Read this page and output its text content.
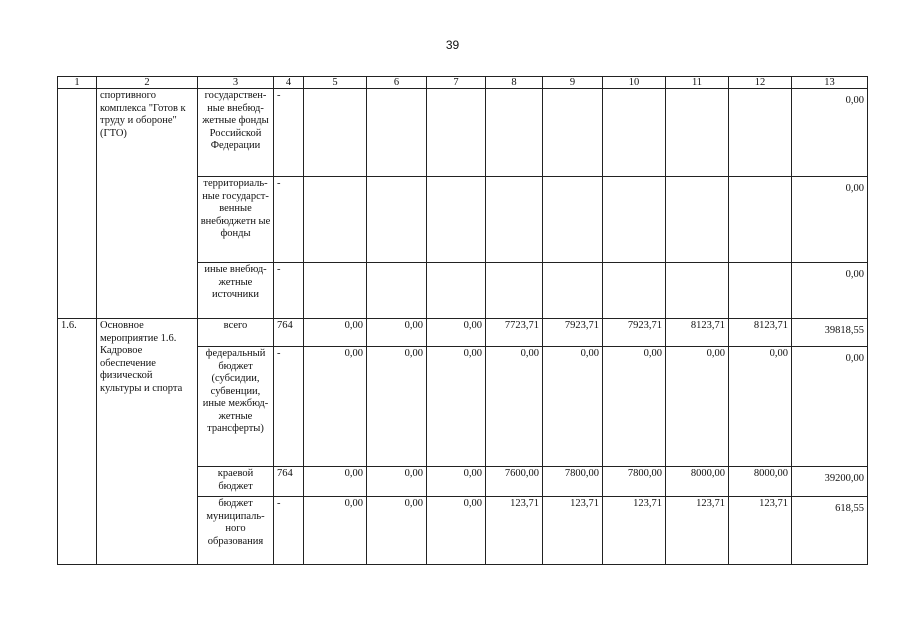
39
1	2	3	4	5	6	7	8	9	10	11	12	13
	спортивного комплекса "Готов к труду и обороне" (ГТО)	государствен-ные внебюд-жетные фонды Российской Федерации	-									0,00
		территориаль-ные государст-венные внебюджетн ые фонды	-									0,00
		иные внебюд-жетные источники	-									0,00
1.6.	Основное мероприятие 1.6. Кадровое обеспечение физической культуры и спорта	всего	764	0,00	0,00	0,00	7723,71	7923,71	7923,71	8123,71	8123,71	39818,55
		федеральный бюджет (субсидии, субвенции, иные межбюд-жетные трансферты)	-	0,00	0,00	0,00	0,00	0,00	0,00	0,00	0,00	0,00
		краевой бюджет	764	0,00	0,00	0,00	7600,00	7800,00	7800,00	8000,00	8000,00	39200,00
		бюджет муниципаль-ного образования	-	0,00	0,00	0,00	123,71	123,71	123,71	123,71	123,71	618,55
